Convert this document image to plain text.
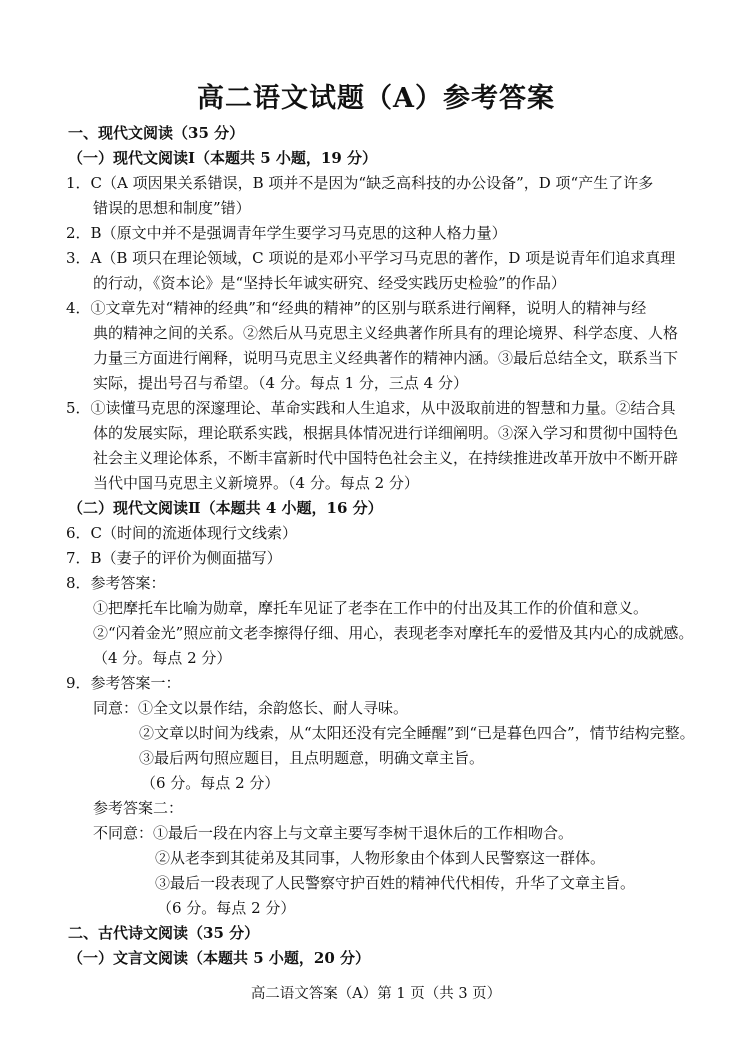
高二语文试题（A）参考答案
一、现代文阅读（35 分）
（一）现代文阅读Ⅰ（本题共 5 小题，19 分）
1．C（A 项因果关系错误，B 项并不是因为“缺乏高科技的办公设备”，D 项“产生了许多
错误的思想和制度”错）
2．B（原文中并不是强调青年学生要学习马克思的这种人格力量）
3．A（B 项只在理论领域，C 项说的是邓小平学习马克思的著作，D 项是说青年们追求真理
的行动，《资本论》是“坚持长年诚实研究、经受实践历史检验”的作品）
4．①文章先对“精神的经典”和“经典的精神”的区别与联系进行阐释，说明人的精神与经
典的精神之间的关系。②然后从马克思主义经典著作所具有的理论境界、科学态度、人格
力量三方面进行阐释，说明马克思主义经典著作的精神内涵。③最后总结全文，联系当下
实际，提出号召与希望。（4 分。每点 1 分，三点 4 分）
5．①读懂马克思的深邃理论、革命实践和人生追求，从中汲取前进的智慧和力量。②结合具
体的发展实际，理论联系实践，根据具体情况进行详细阐明。③深入学习和贯彻中国特色
社会主义理论体系，不断丰富新时代中国特色社会主义，在持续推进改革开放中不断开辟
当代中国马克思主义新境界。（4 分。每点 2 分）
（二）现代文阅读Ⅱ（本题共 4 小题，16 分）
6．C（时间的流逝体现行文线索）
7．B（妻子的评价为侧面描写）
8．参考答案：
①把摩托车比喻为勋章，摩托车见证了老李在工作中的付出及其工作的价值和意义。
②“闪着金光”照应前文老李擦得仔细、用心，表现老李对摩托车的爱惜及其内心的成就感。
（4 分。每点 2 分）
9．参考答案一：
同意：①全文以景作结，余韵悠长、耐人寻味。
②文章以时间为线索，从“太阳还没有完全睡醒”到“已是暮色四合”，情节结构完整。
③最后两句照应题目，且点明题意，明确文章主旨。
（6 分。每点 2 分）
参考答案二：
不同意：①最后一段在内容上与文章主要写李树干退休后的工作相吻合。
②从老李到其徒弟及其同事，人物形象由个体到人民警察这一群体。
③最后一段表现了人民警察守护百姓的精神代代相传，升华了文章主旨。
（6 分。每点 2 分）
二、古代诗文阅读（35 分）
（一）文言文阅读（本题共 5 小题，20 分）
高二语文答案（A）第 1 页（共 3 页）
